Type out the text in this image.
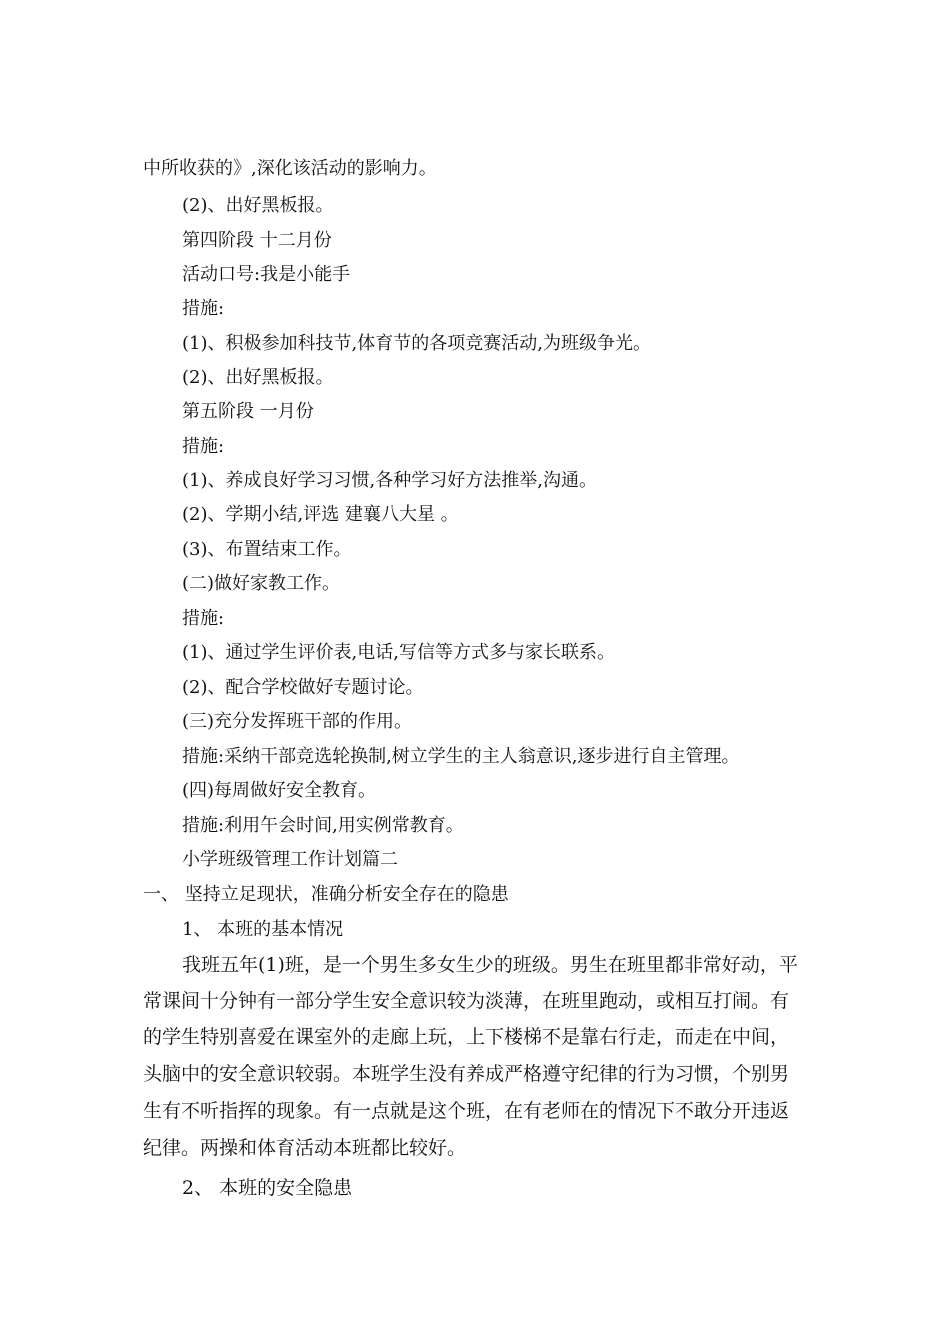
中所收获的》,深化该活动的影响力。

(2)、出好黑板报。

第四阶段 十二月份

活动口号:我是小能手

措施:

(1)、积极参加科技节,体育节的各项竞赛活动,为班级争光。

(2)、出好黑板报。

第五阶段 一月份

措施:

(1)、养成良好学习习惯,各种学习好方法推举,沟通。

(2)、学期小结,评选 建襄八大星 。

(3)、布置结束工作。

(二)做好家教工作。

措施:

(1)、通过学生评价表,电话,写信等方式多与家长联系。

(2)、配合学校做好专题讨论。

(三)充分发挥班干部的作用。

措施:采纳干部竞选轮换制,树立学生的主人翁意识,逐步进行自主管理。

(四)每周做好安全教育。

措施:利用午会时间,用实例常教育。

小学班级管理工作计划篇二

一、 坚持立足现状，准确分析安全存在的隐患

1、 本班的基本情况

我班五年(1)班，是一个男生多女生少的班级。男生在班里都非常好动，平

常课间十分钟有一部分学生安全意识较为淡薄，在班里跑动，或相互打闹。有

的学生特别喜爱在课室外的走廊上玩，上下楼梯不是靠右行走，而走在中间，

头脑中的安全意识较弱。本班学生没有养成严格遵守纪律的行为习惯，个别男

生有不听指挥的现象。有一点就是这个班，在有老师在的情况下不敢分开违返

纪律。两操和体育活动本班都比较好。

2、 本班的安全隐患
